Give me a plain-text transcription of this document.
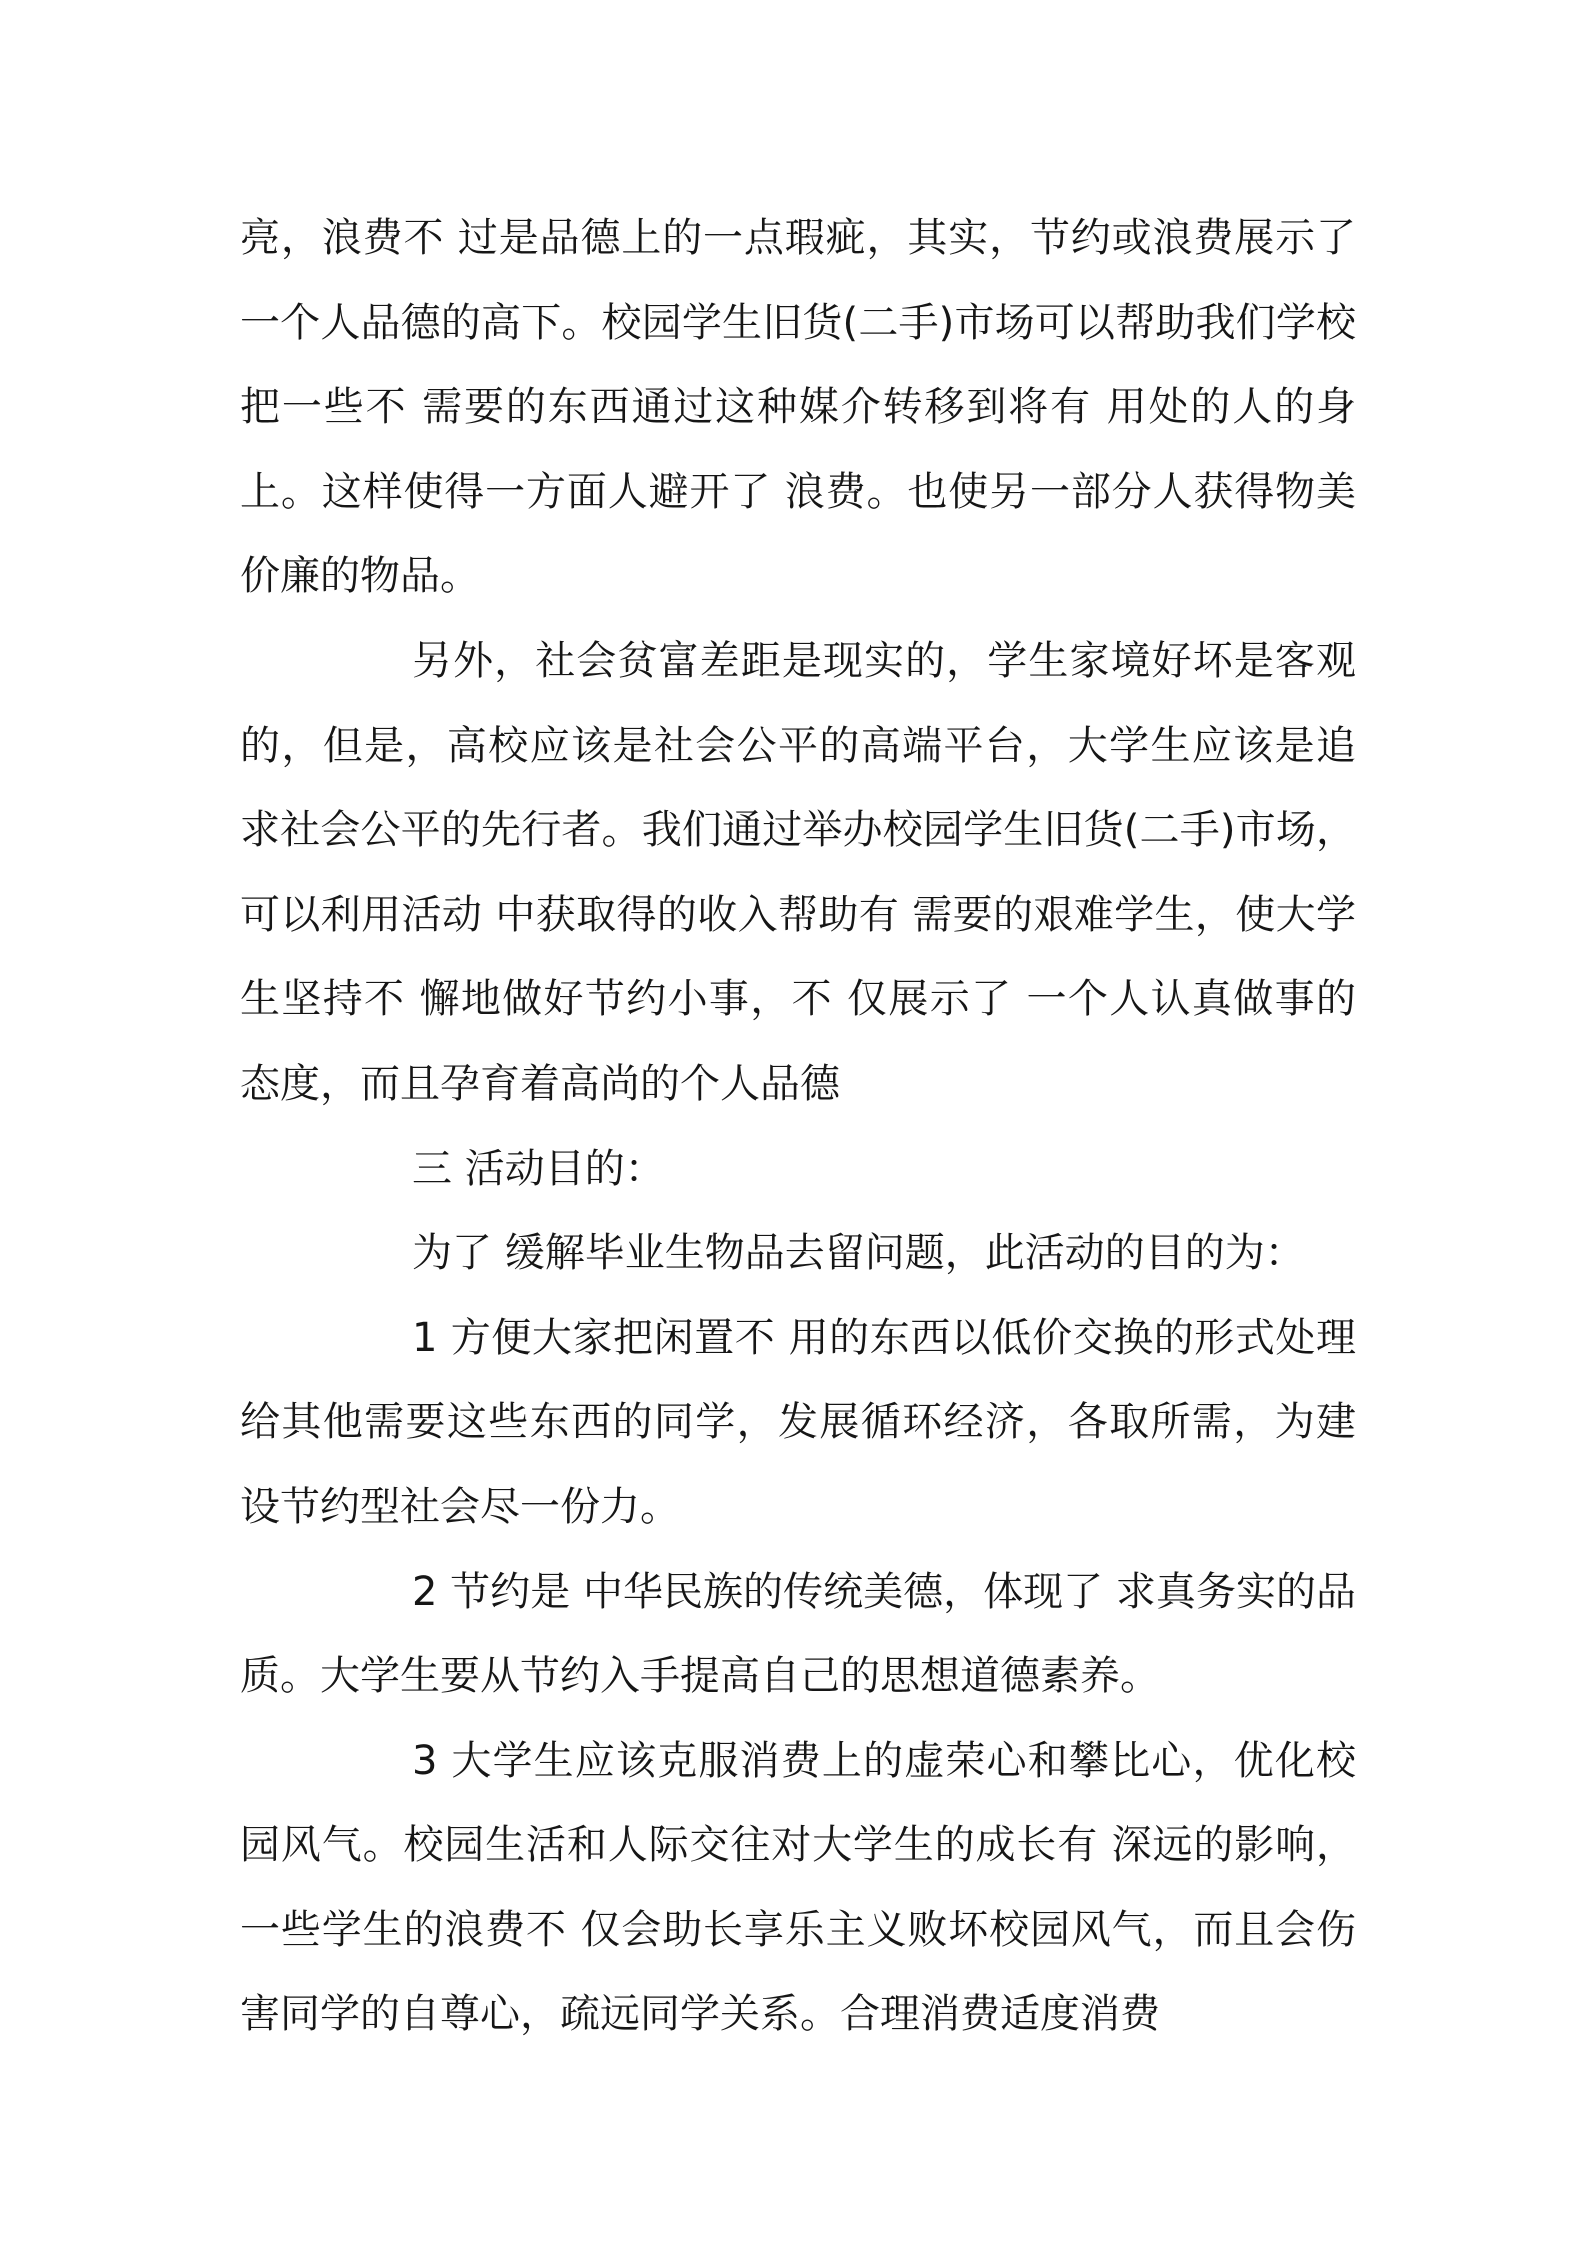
亮，浪费不 过是品德上的一点瑕疵，其实，节约或浪费展示了 一个人品德的高下。校园学生旧货(二手)市场可以帮助我们学校把一些不 需要的东西通过这种媒介转移到将有 用处的人的身上。这样使得一方面人避开了 浪费。也使另一部分人获得物美价廉的物品。

另外，社会贫富差距是现实的，学生家境好坏是客观的，但是，高校应该是社会公平的高端平台，大学生应该是追求社会公平的先行者。我们通过举办校园学生旧货(二手)市场，可以利用活动 中获取得的收入帮助有 需要的艰难学生，使大学生坚持不 懈地做好节约小事，不 仅展示了 一个人认真做事的态度，而且孕育着高尚的个人品德

三 活动目的：

为了 缓解毕业生物品去留问题，此活动的目的为：

1 方便大家把闲置不 用的东西以低价交换的形式处理给其他需要这些东西的同学，发展循环经济，各取所需，为建设节约型社会尽一份力。

2 节约是 中华民族的传统美德，体现了 求真务实的品质。大学生要从节约入手提高自己的思想道德素养。

3 大学生应该克服消费上的虚荣心和攀比心，优化校园风气。校园生活和人际交往对大学生的成长有 深远的影响，一些学生的浪费不 仅会助长享乐主义败坏校园风气，而且会伤害同学的自尊心，疏远同学关系。合理消费适度消费
